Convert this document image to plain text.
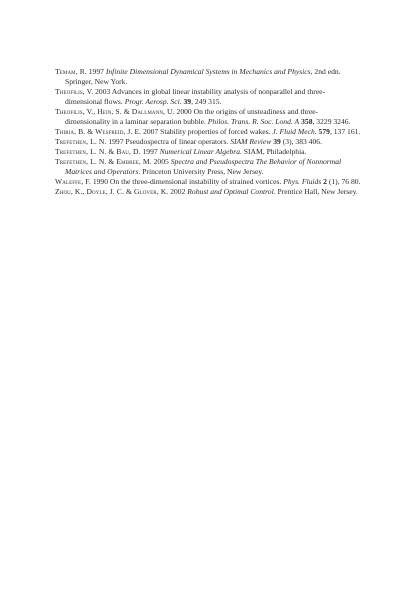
Temam, R. 1997 Infinite Dimensional Dynamical Systems in Mechanics and Physics, 2nd edn. Springer, New York.
Theofilis, V. 2003 Advances in global linear instability analysis of nonparallel and three-dimensional flows. Progr. Aerosp. Sci. 39, 249 315.
Theofilis, V., Hein, S. & Dallmann, U. 2000 On the origins of unsteadiness and three-dimensionality in a laminar separation bubble. Philos. Trans. R. Soc. Lond. A 358, 3229 3246.
Thiria, B. & Wesfreid, J. E. 2007 Stability properties of forced wakes. J. Fluid Mech. 579, 137 161.
Trefethen, L. N. 1997 Pseudospectra of linear operators. SIAM Review 39 (3), 383 406.
Trefethen, L. N. & Bau, D. 1997 Numerical Linear Algebra. SIAM, Philadelphia.
Trefethen, L. N. & Embree, M. 2005 Spectra and Pseudospectra The Behavior of Nonnormal Matrices and Operators. Princeton University Press, New Jersey.
Waleffe, F. 1990 On the three-dimensional instability of strained vortices. Phys. Fluids 2 (1), 76 80.
Zhou, K., Doyle, J. C. & Glover, K. 2002 Robust and Optimal Control. Prentice Hall, New Jersey.
